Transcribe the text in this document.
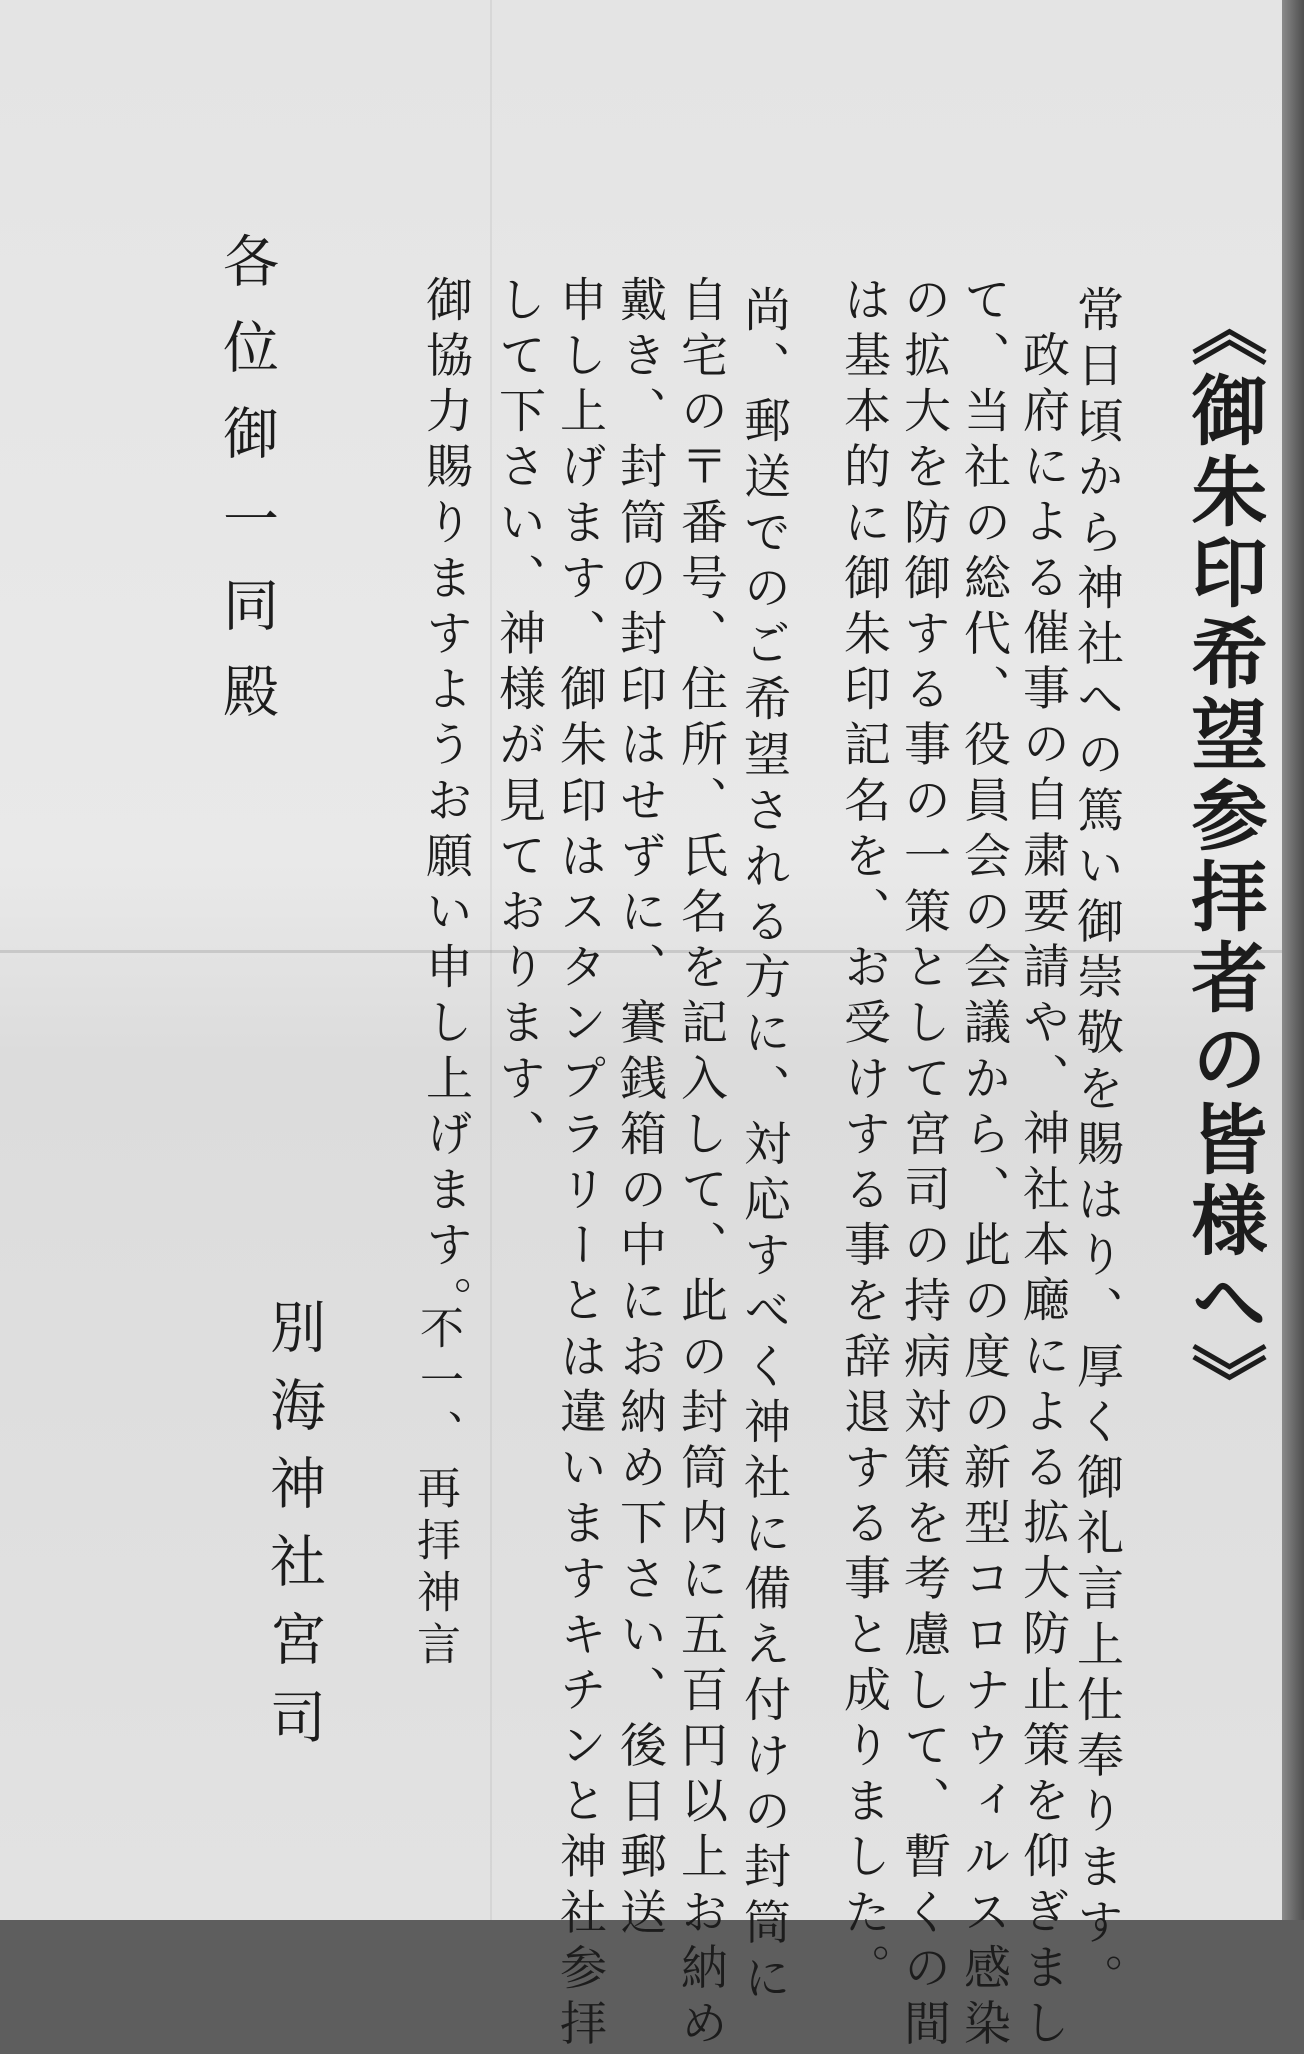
《御朱印希望参拝者の皆様へ》
常日頃から神社への篤い御崇敬を賜はり、厚く御礼言上仕奉ります。
政府による催事の自粛要請や、神社本廰による拡大防止策を仰ぎまし
て、当社の総代、役員会の会議から、此の度の新型コロナウィルス感染
の拡大を防御する事の一策として宮司の持病対策を考慮して、暫くの間
は基本的に御朱印記名を、お受けする事を辞退する事と成りました。
尚、郵送でのご希望される方に、対応すべく神社に備え付けの封筒に
自宅の〒番号、住所、氏名を記入して、此の封筒内に五百円以上お納め
戴き、封筒の封印はせずに、賽銭箱の中にお納め下さい、後日郵送
申し上げます、御朱印はスタンプラリーとは違いますキチンと神社参拝
して下さい、神様が見ております、
御協力賜りますようお願い申し上げます。
不一、
再拝神言
別海神社宮司
各位御一同殿
